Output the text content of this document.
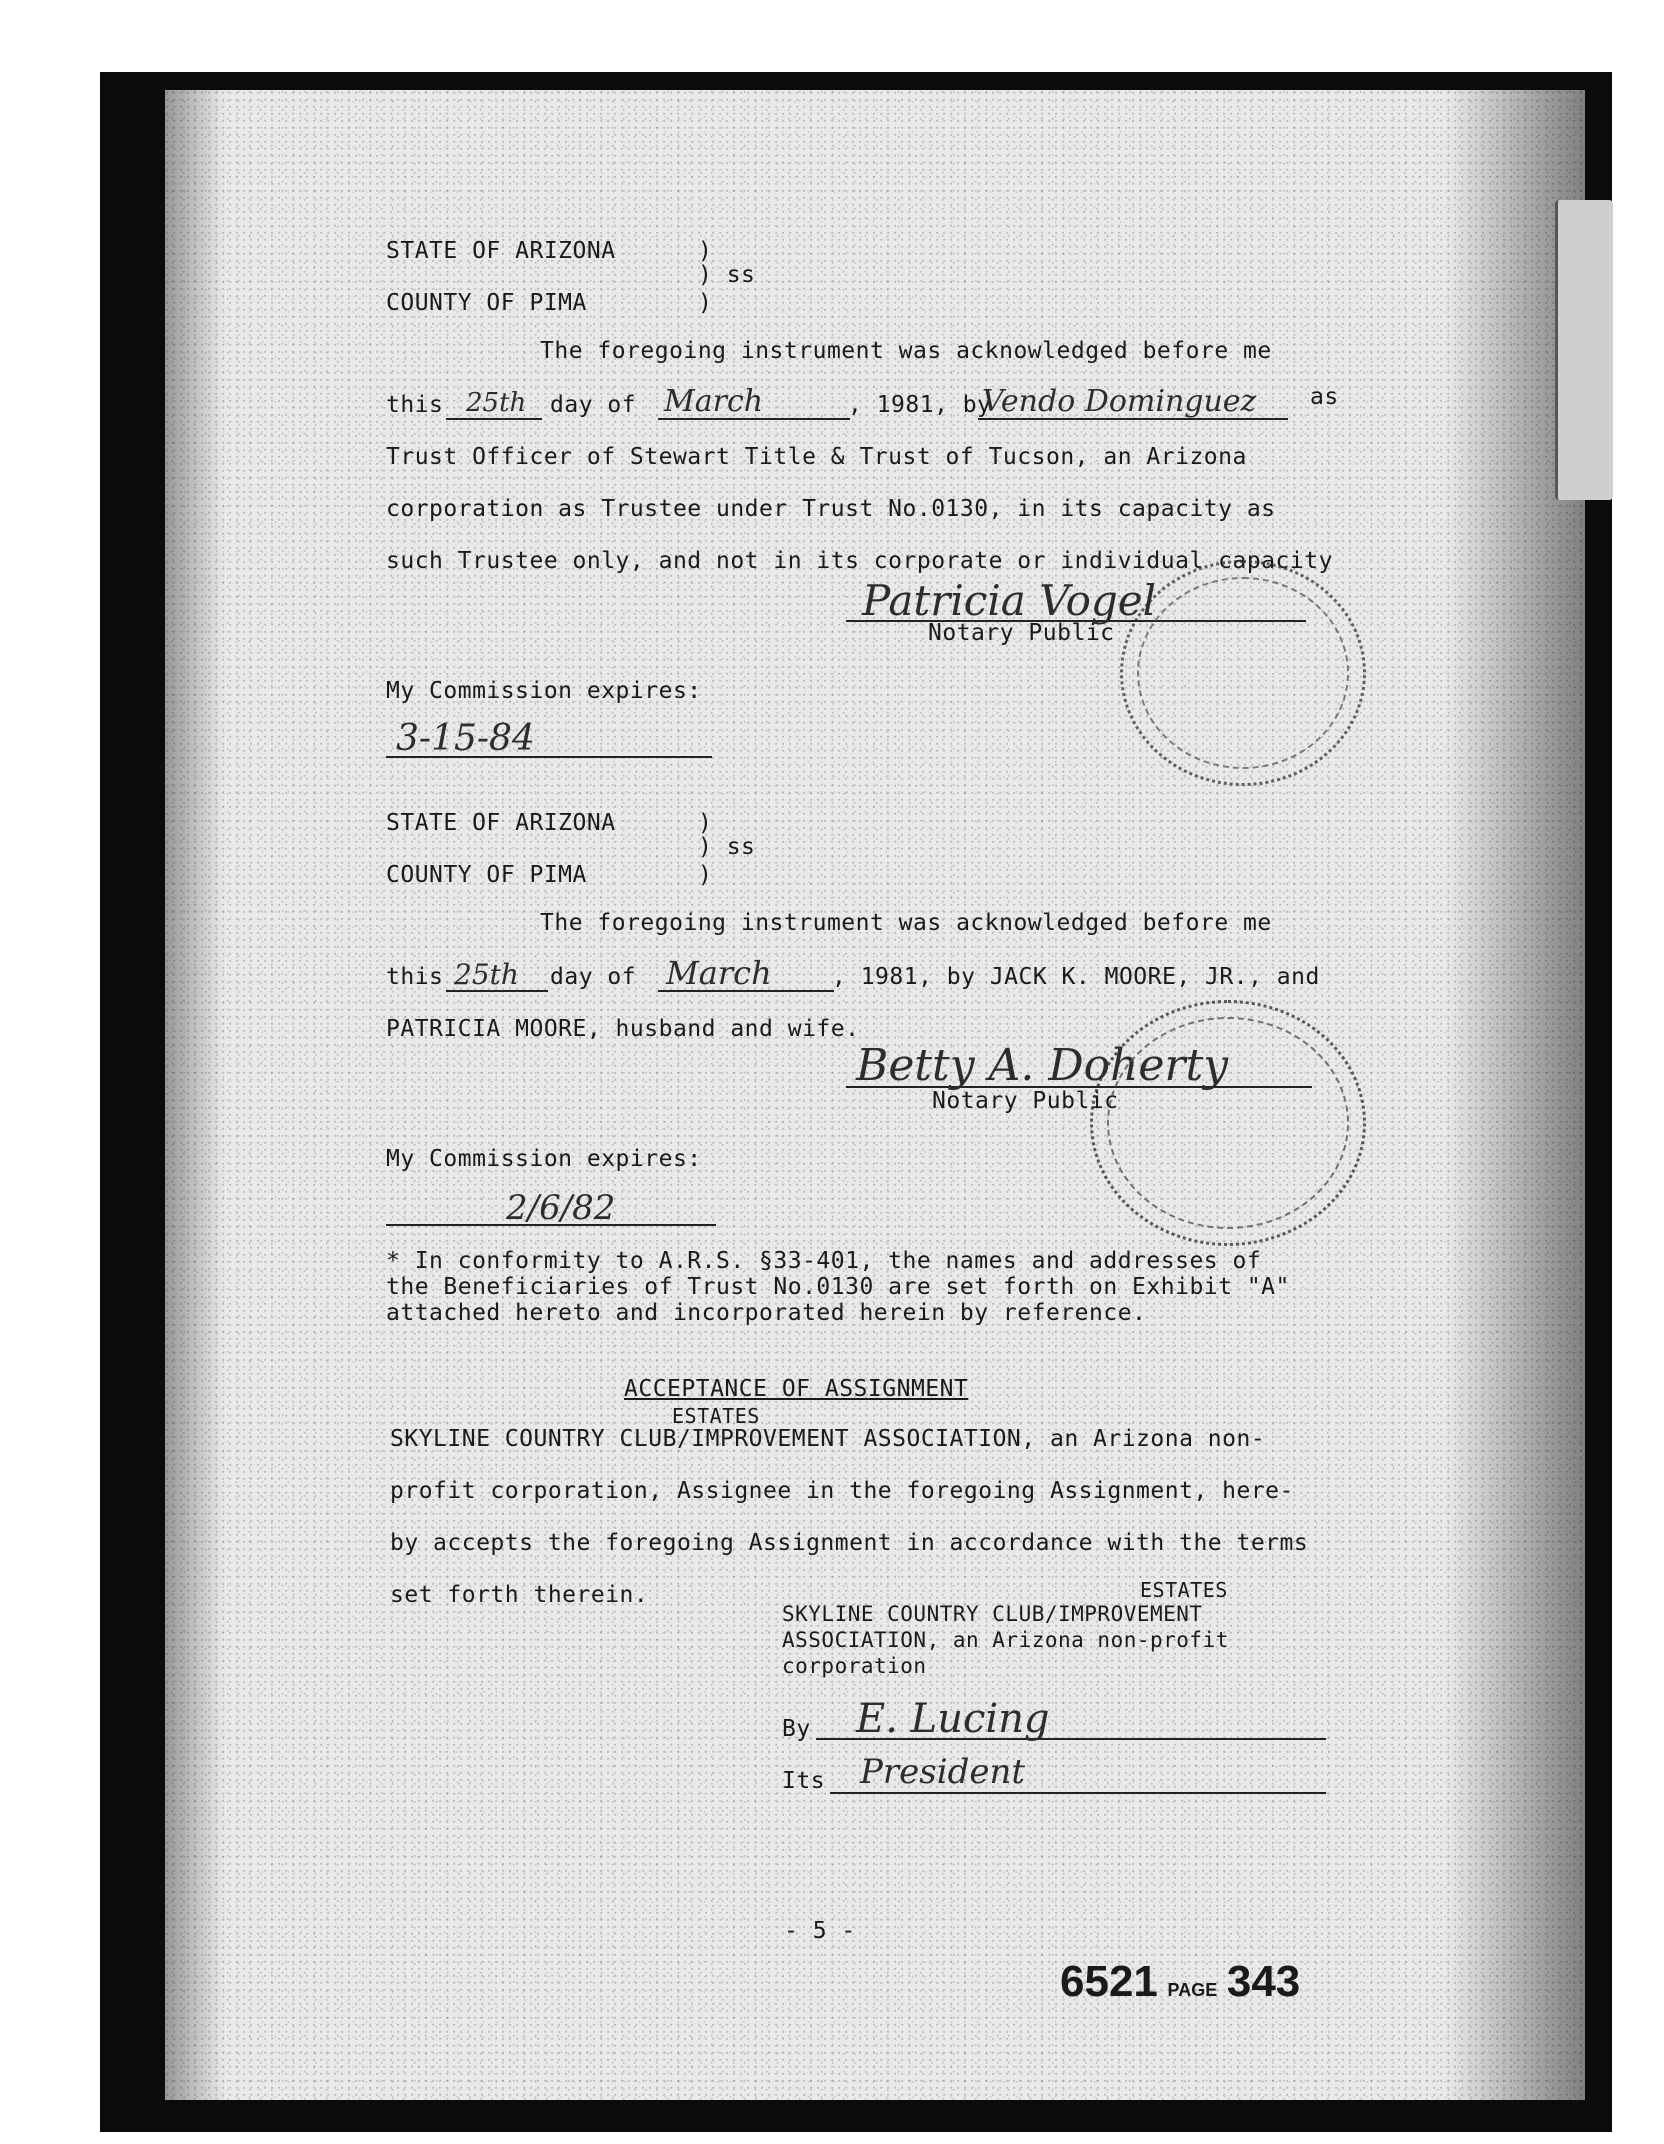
STATE OF ARIZONA	)
) ss
COUNTY OF PIMA	)
The foregoing instrument was acknowledged before me
this 25th day of March	, 1981, by
Vendo Dominguez as
Trust Officer of Stewart Title & Trust of Tucson, an Arizona
corporation as Trustee under Trust No.0130, in its capacity as
such Trustee only, and not in its corporate or individual capacity
Patricia Vogel
Notary Public
My Commission expires:
3-15-84
STATE OF ARIZONA	)
) ss
COUNTY OF PIMA	)
The foregoing instrument was acknowledged before me
this 25th day of March	, 1981, by JACK K. MOORE, JR., and
PATRICIA MOORE, husband and wife.
Betty A. Doherty
Notary Public
My Commission expires:
2/6/82
* In conformity to A.R.S. §33-401, the names and addresses of
the Beneficiaries of Trust No.0130 are set forth on Exhibit "A"
attached hereto and incorporated herein by reference.
ACCEPTANCE OF ASSIGNMENT
ESTATES
SKYLINE COUNTRY CLUB/IMPROVEMENT ASSOCIATION, an Arizona non-
profit corporation, Assignee in the foregoing Assignment, here-
by accepts the foregoing Assignment in accordance with the terms
set forth therein.	ESTATES
SKYLINE COUNTRY CLUB/IMPROVEMENT
ASSOCIATION, an Arizona non-profit
corporation
By E. Lucing
Its President
- 5 -
6521 PAGE 343
